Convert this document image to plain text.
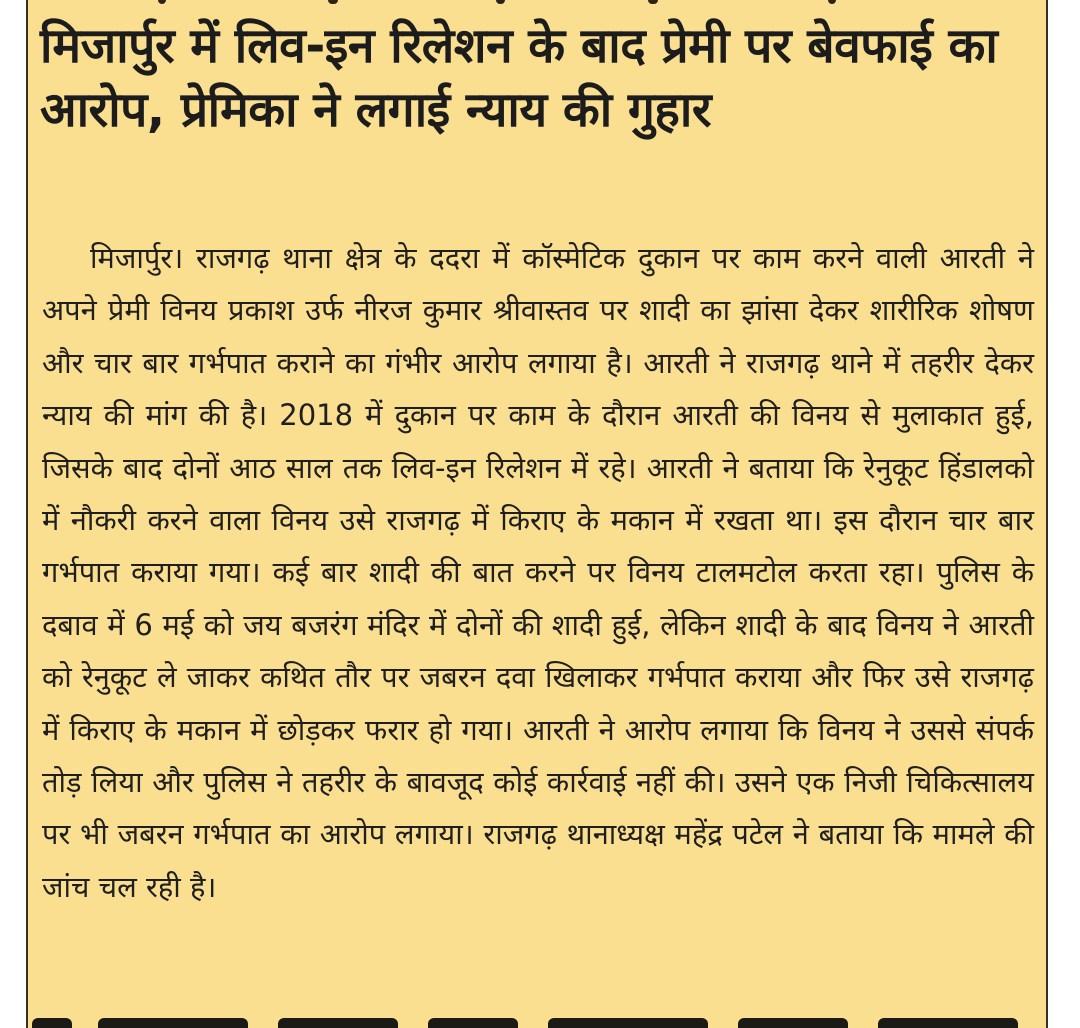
मिजार्पुर में लिव-इन रिलेशन के बाद प्रेमी पर बेवफाई का आरोप, प्रेमिका ने लगाई न्याय की गुहार

मिजार्पुर। राजगढ़ थाना क्षेत्र के ददरा में कॉस्मेटिक दुकान पर काम करने वाली आरती ने अपने प्रेमी विनय प्रकाश उर्फ नीरज कुमार श्रीवास्तव पर शादी का झांसा देकर शारीरिक शोषण और चार बार गर्भपात कराने का गंभीर आरोप लगाया है। आरती ने राजगढ़ थाने में तहरीर देकर न्याय की मांग की है। 2018 में दुकान पर काम के दौरान आरती की विनय से मुलाकात हुई, जिसके बाद दोनों आठ साल तक लिव-इन रिलेशन में रहे। आरती ने बताया कि रेनुकूट हिंडालको में नौकरी करने वाला विनय उसे राजगढ़ में किराए के मकान में रखता था। इस दौरान चार बार गर्भपात कराया गया। कई बार शादी की बात करने पर विनय टालमटोल करता रहा। पुलिस के दबाव में 6 मई को जय बजरंग मंदिर में दोनों की शादी हुई, लेकिन शादी के बाद विनय ने आरती को रेनुकूट ले जाकर कथित तौर पर जबरन दवा खिलाकर गर्भपात कराया और फिर उसे राजगढ़ में किराए के मकान में छोड़कर फरार हो गया। आरती ने आरोप लगाया कि विनय ने उससे संपर्क तोड़ लिया और पुलिस ने तहरीर के बावजूद कोई कार्रवाई नहीं की। उसने एक निजी चिकित्सालय पर भी जबरन गर्भपात का आरोप लगाया। राजगढ़ थानाध्यक्ष महेंद्र पटेल ने बताया कि मामले की जांच चल रही है।
